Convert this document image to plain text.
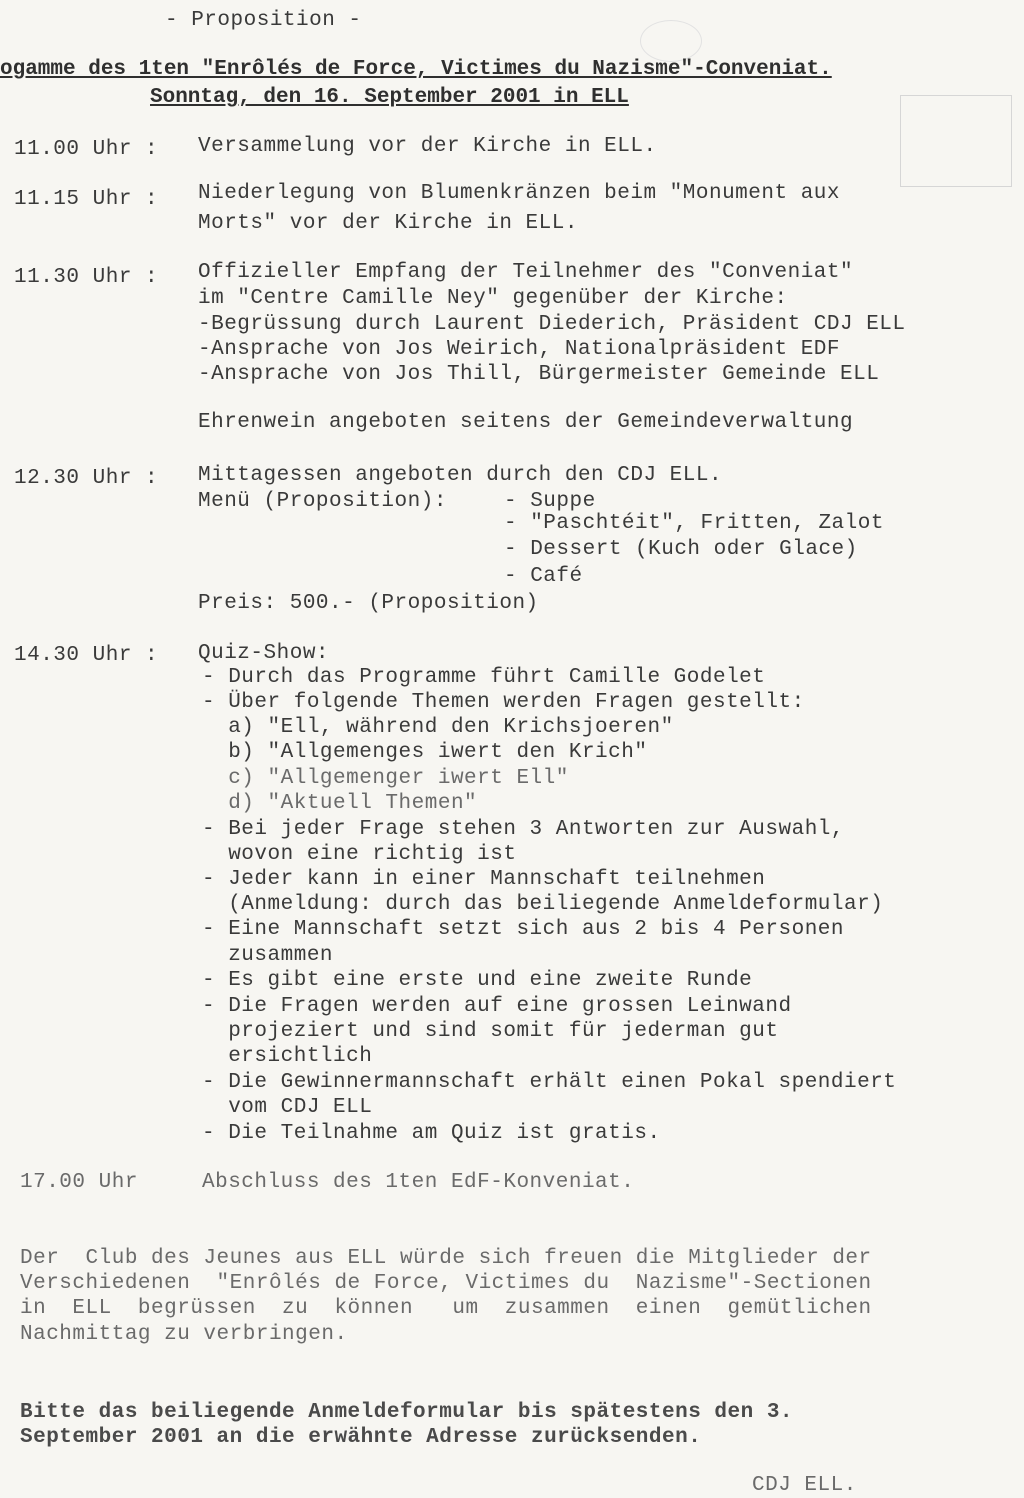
- Proposition -
ogamme des 1ten "Enrôlés de Force, Victimes du Nazisme"-Conveniat.
Sonntag, den 16. September 2001 in ELL
11.00 Uhr : Versammelung vor der Kirche in ELL.
11.15 Uhr : Niederlegung von Blumenkränzen beim "Monument aux
Morts" vor der Kirche in ELL.
11.30 Uhr : Offizieller Empfang der Teilnehmer des "Conveniat"
im "Centre Camille Ney" gegenüber der Kirche:
-Begrüssung durch Laurent Diederich, Präsident CDJ ELL
-Ansprache von Jos Weirich, Nationalpräsident EDF
-Ansprache von Jos Thill, Bürgermeister Gemeinde ELL
Ehrenwein angeboten seitens der Gemeindeverwaltung
12.30 Uhr : Mittagessen angeboten durch den CDJ ELL.
Menü (Proposition):	- Suppe
- "Paschtéit", Fritten, Zalot
- Dessert (Kuch oder Glace)
- Café
Preis: 500.- (Proposition)
14.30 Uhr : Quiz-Show:
- Durch das Programme führt Camille Godelet
- Über folgende Themen werden Fragen gestellt:
a) "Ell, während den Krichsjoeren"
b) "Allgemenges iwert den Krich"
c) "Allgemenger iwert Ell"
d) "Aktuell Themen"
- Bei jeder Frage stehen 3 Antworten zur Auswahl,
wovon eine richtig ist
- Jeder kann in einer Mannschaft teilnehmen
(Anmeldung: durch das beiliegende Anmeldeformular)
- Eine Mannschaft setzt sich aus 2 bis 4 Personen
zusammen
- Es gibt eine erste und eine zweite Runde
- Die Fragen werden auf eine grossen Leinwand
projeziert und sind somit für jederman gut
ersichtlich
- Die Gewinnermannschaft erhält einen Pokal spendiert
vom CDJ ELL
- Die Teilnahme am Quiz ist gratis.
17.00 Uhr	Abschluss des 1ten EdF-Konveniat.
Der  Club des Jeunes aus ELL würde sich freuen die Mitglieder der
Verschiedenen  "Enrôlés de Force, Victimes du  Nazisme"-Sectionen
in  ELL  begrüssen  zu  können   um  zusammen  einen  gemütlichen
Nachmittag zu verbringen.
Bitte das beiliegende Anmeldeformular bis spätestens den 3.
September 2001 an die erwähnte Adresse zurücksenden.
CDJ ELL.
